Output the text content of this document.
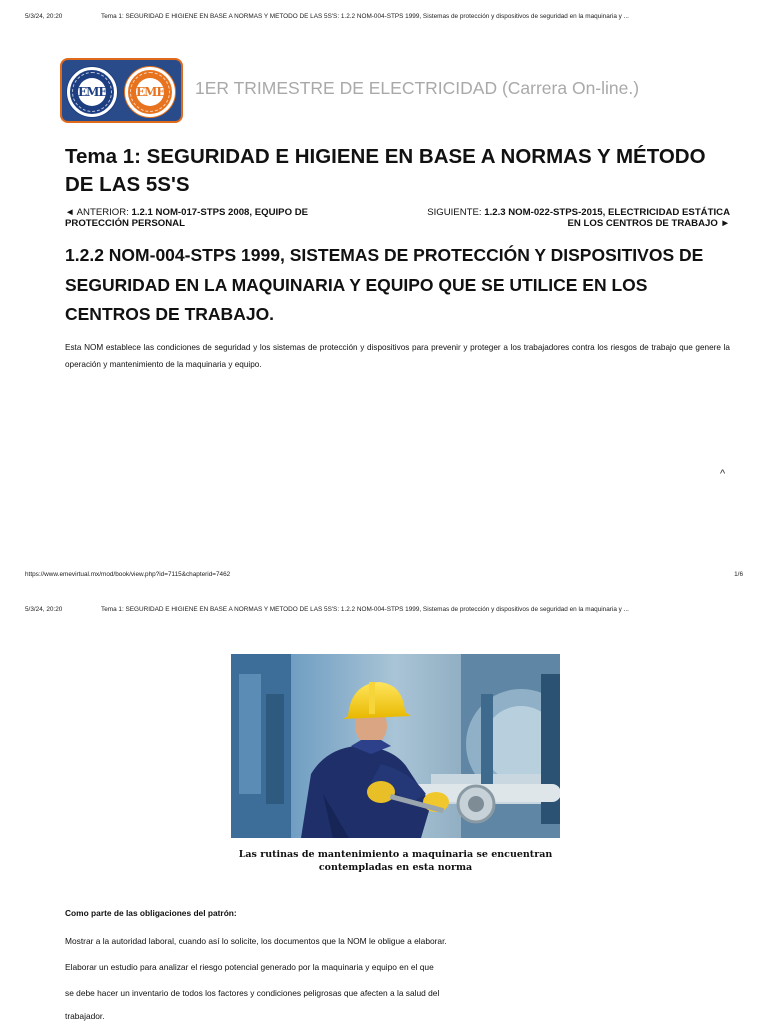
5/3/24, 20:20	Tema 1: SEGURIDAD E HIGIENE EN BASE A NORMAS Y MÉTODO DE LAS 5S'S: 1.2.2 NOM-004-STPS 1999, Sistemas de protección y dispositivos de seguridad en la maquinaria y ...
EME EME 1ER TRIMESTRE DE ELECTRICIDAD (Carrera On-line.)
Tema 1: SEGURIDAD E HIGIENE EN BASE A NORMAS Y MÉTODO DE LAS 5S'S
◄ ANTERIOR: 1.2.1 NOM-017-STPS 2008, EQUIPO DE PROTECCIÓN PERSONAL
SIGUIENTE: 1.2.3 NOM-022-STPS-2015, ELECTRICIDAD ESTÁTICA EN LOS CENTROS DE TRABAJO ►
1.2.2 NOM-004-STPS 1999, SISTEMAS DE PROTECCIÓN Y DISPOSITIVOS DE SEGURIDAD EN LA MAQUINARIA Y EQUIPO QUE SE UTILICE EN LOS CENTROS DE TRABAJO.

Esta NOM establece las condiciones de seguridad y los sistemas de protección y dispositivos para prevenir y proteger a los trabajadores contra los riesgos de trabajo que genere la operación y mantenimiento de la maquinaria y equipo.

^
https://www.emevirtual.mx/mod/book/view.php?id=7115&chapterid=7462	1/6
5/3/24, 20:20	Tema 1: SEGURIDAD E HIGIENE EN BASE A NORMAS Y MÉTODO DE LAS 5S'S: 1.2.2 NOM-004-STPS 1999, Sistemas de protección y dispositivos de seguridad en la maquinaria y ...
Las rutinas de mantenimiento a maquinaria se encuentran
contempladas en esta norma
Como parte de las obligaciones del patrón:
Mostrar a la autoridad laboral, cuando así lo solicite, los documentos que la NOM le obligue a elaborar.
Elaborar un estudio para analizar el riesgo potencial generado por la maquinaria y equipo en el que
se debe hacer un inventario de todos los factores y condiciones peligrosas que afecten a la salud del
trabajador.
